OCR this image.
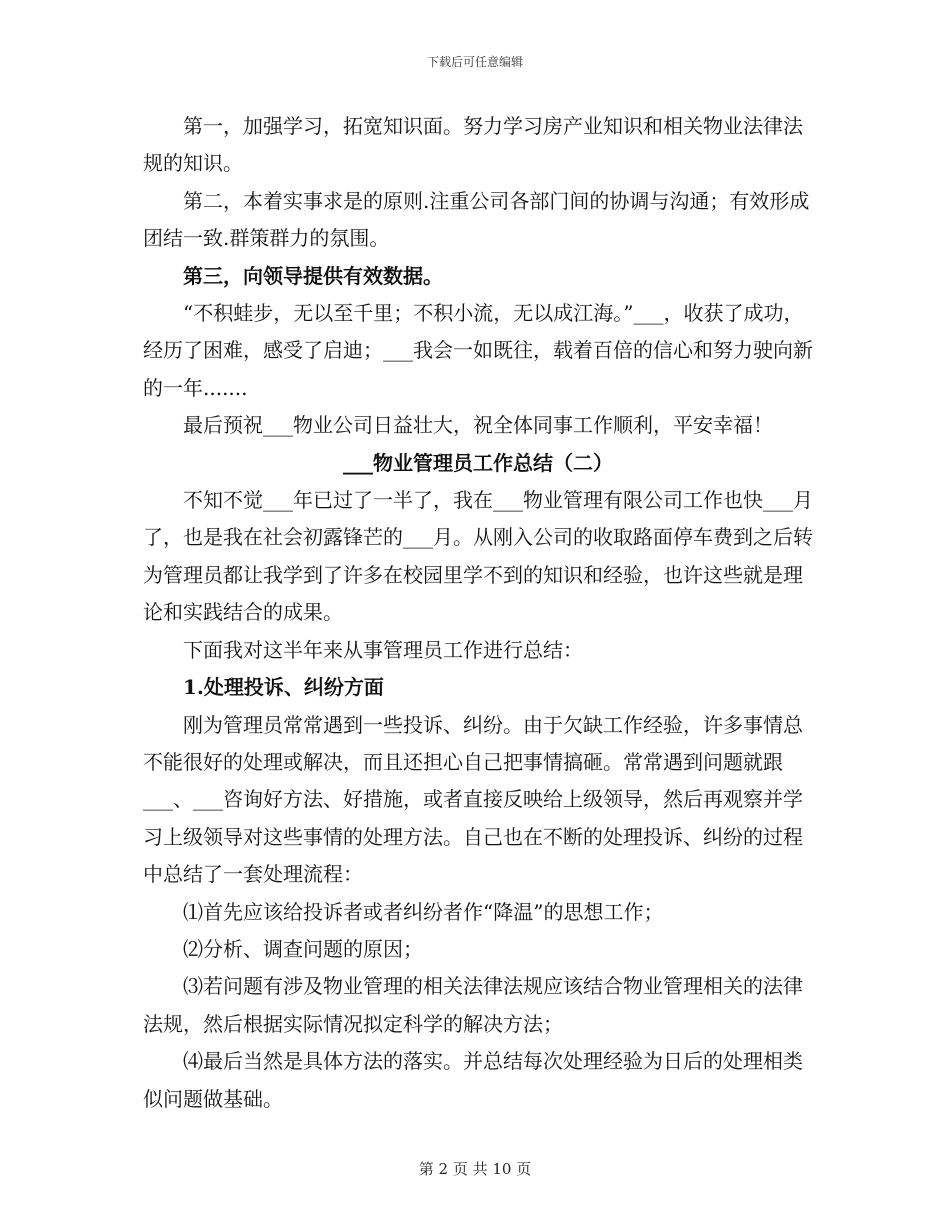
下载后可任意编辑

第一，加强学习，拓宽知识面。努力学习房产业知识和相关物业法律法规的知识。

第二，本着实事求是的原则.注重公司各部门间的协调与沟通；有效形成团结一致.群策群力的氛围。

第三，向领导提供有效数据。

“不积蛙步，无以至千里；不积小流，无以成江海。”___，收获了成功，经历了困难，感受了启迪；___我会一如既往，载着百倍的信心和努力驶向新的一年.......

最后预祝___物业公司日益壮大，祝全体同事工作顺利，平安幸福！

___物业管理员工作总结（二）

不知不觉___年已过了一半了，我在___物业管理有限公司工作也快___月了，也是我在社会初露锋芒的___月。从刚入公司的收取路面停车费到之后转为管理员都让我学到了许多在校园里学不到的知识和经验，也许这些就是理论和实践结合的成果。

下面我对这半年来从事管理员工作进行总结：

1.处理投诉、纠纷方面

刚为管理员常常遇到一些投诉、纠纷。由于欠缺工作经验，许多事情总不能很好的处理或解决，而且还担心自己把事情搞砸。常常遇到问题就跟___、___咨询好方法、好措施，或者直接反映给上级领导，然后再观察并学习上级领导对这些事情的处理方法。自己也在不断的处理投诉、纠纷的过程中总结了一套处理流程：

⑴首先应该给投诉者或者纠纷者作“降温”的思想工作；

⑵分析、调查问题的原因；

⑶若问题有涉及物业管理的相关法律法规应该结合物业管理相关的法律法规，然后根据实际情况拟定科学的解决方法；

⑷最后当然是具体方法的落实。并总结每次处理经验为日后的处理相类似问题做基础。

第 2 页 共 10 页
